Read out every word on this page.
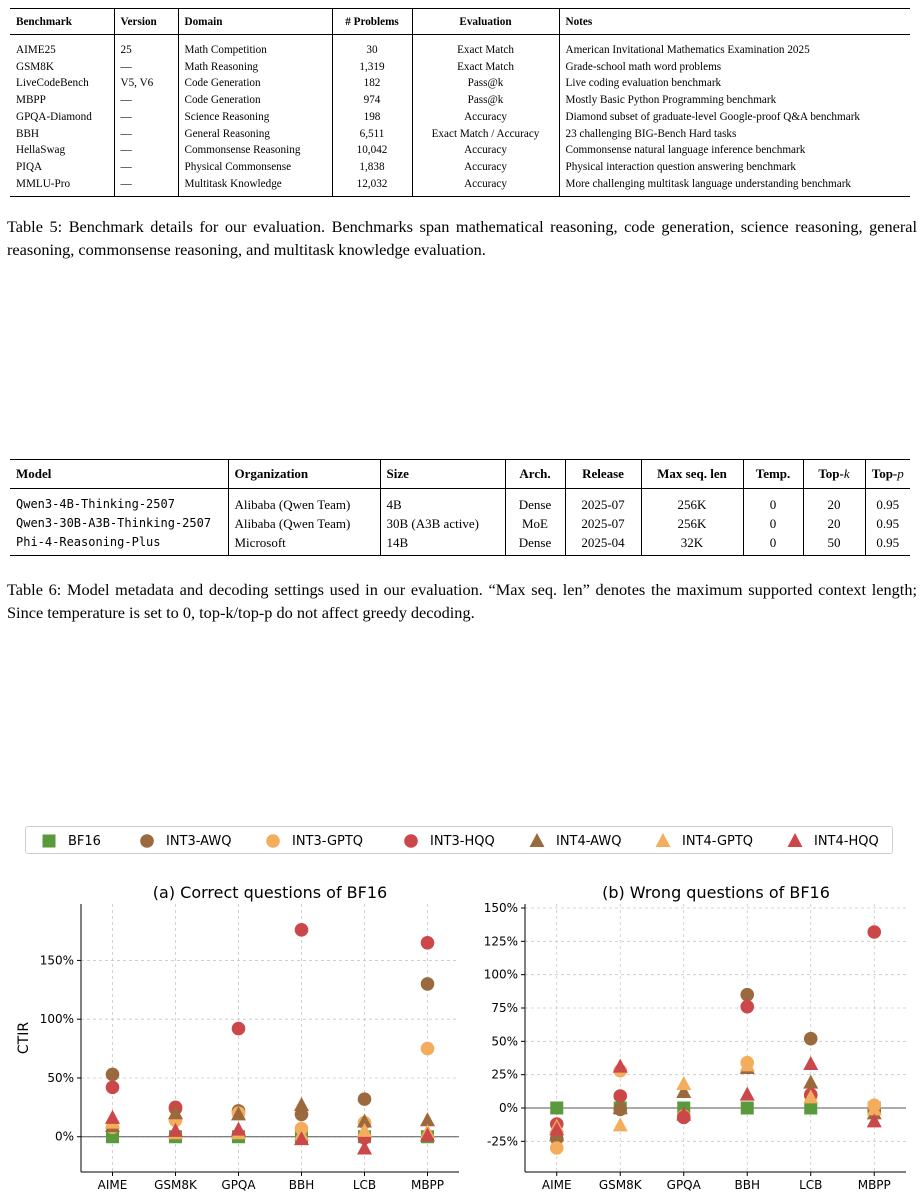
Benchmark	Version	Domain	# Problems	Evaluation	Notes
AIME25	25	Math Competition	30	Exact Match	American Invitational Mathematics Examination 2025
GSM8K	—	Math Reasoning	1,319	Exact Match	Grade-school math word problems
LiveCodeBench	V5, V6	Code Generation	182	Pass@k	Live coding evaluation benchmark
MBPP	—	Code Generation	974	Pass@k	Mostly Basic Python Programming benchmark
GPQA-Diamond	—	Science Reasoning	198	Accuracy	Diamond subset of graduate-level Google-proof Q&A benchmark
BBH	—	General Reasoning	6,511	Exact Match / Accuracy	23 challenging BIG-Bench Hard tasks
HellaSwag	—	Commonsense Reasoning	10,042	Accuracy	Commonsense natural language inference benchmark
PIQA	—	Physical Commonsense	1,838	Accuracy	Physical interaction question answering benchmark
MMLU-Pro	—	Multitask Knowledge	12,032	Accuracy	More challenging multitask language understanding benchmark
Table 5: Benchmark details for our evaluation. Benchmarks span mathematical reasoning, code generation, science reasoning, general reasoning, commonsense reasoning, and multitask knowledge evaluation.
Model	Organization	Size	Arch.	Release	Max seq. len	Temp.	Top-k	Top-p
Qwen3-4B-Thinking-2507	Alibaba (Qwen Team)	4B	Dense	2025-07	256K	0	20	0.95
Qwen3-30B-A3B-Thinking-2507	Alibaba (Qwen Team)	30B (A3B active)	MoE	2025-07	256K	0	20	0.95
Phi-4-Reasoning-Plus	Microsoft	14B	Dense	2025-04	32K	0	50	0.95
Table 6: Model metadata and decoding settings used in our evaluation. “Max seq. len” denotes the maximum supported context length; Since temperature is set to 0, top-k/top-p do not affect greedy decoding.
BF16	INT3-AWQ	INT3-GPTQ	INT3-HQQ	INT4-AWQ	INT4-GPTQ	INT4-HQQ
(a) Correct questions of BF16
0%
50%
100%
150%
AIME GSM8K GPQA	BBH	LCB	MBPP
CTIR
(b) Wrong questions of BF16
-25%
0%
25%
50%
75%
100%
125%
150%
AIME GSM8K GPQA	BBH	LCB	MBPP
